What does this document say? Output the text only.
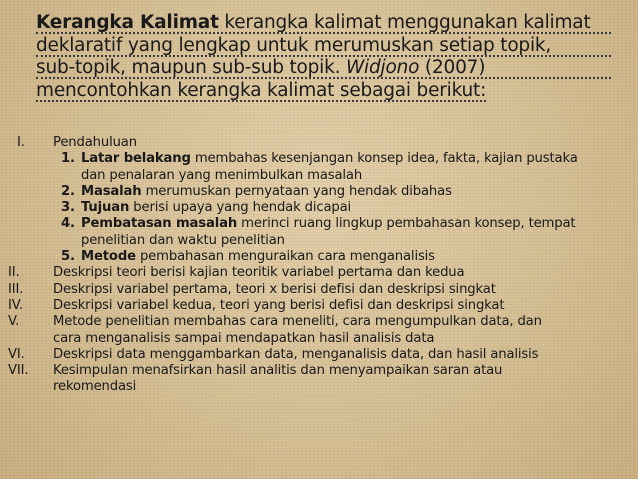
Kerangka Kalimat kerangka kalimat menggunakan kalimat
deklaratif yang lengkap untuk merumuskan setiap topik,
sub-topik, maupun sub-sub topik. Widjono (2007)
mencontohkan kerangka kalimat sebagai berikut:
I.	Pendahuluan
1. Latar belakang membahas kesenjangan konsep idea, fakta, kajian pustaka
dan penalaran yang menimbulkan masalah
2. Masalah merumuskan pernyataan yang hendak dibahas
3. Tujuan berisi upaya yang hendak dicapai
4. Pembatasan masalah merinci ruang lingkup pembahasan konsep, tempat
penelitian dan waktu penelitian
5. Metode pembahasan menguraikan cara menganalisis
II.	Deskripsi teori berisi kajian teoritik variabel pertama dan kedua
III.	Deskripsi variabel pertama, teori x berisi defisi dan deskripsi singkat
IV.	Deskripsi variabel kedua, teori yang berisi defisi dan deskripsi singkat
V.	Metode penelitian membahas cara meneliti, cara mengumpulkan data, dan
cara menganalisis sampai mendapatkan hasil analisis data
VI.	Deskripsi data menggambarkan data, menganalisis data, dan hasil analisis
VII.	Kesimpulan menafsirkan hasil analitis dan menyampaikan saran atau
rekomendasi
